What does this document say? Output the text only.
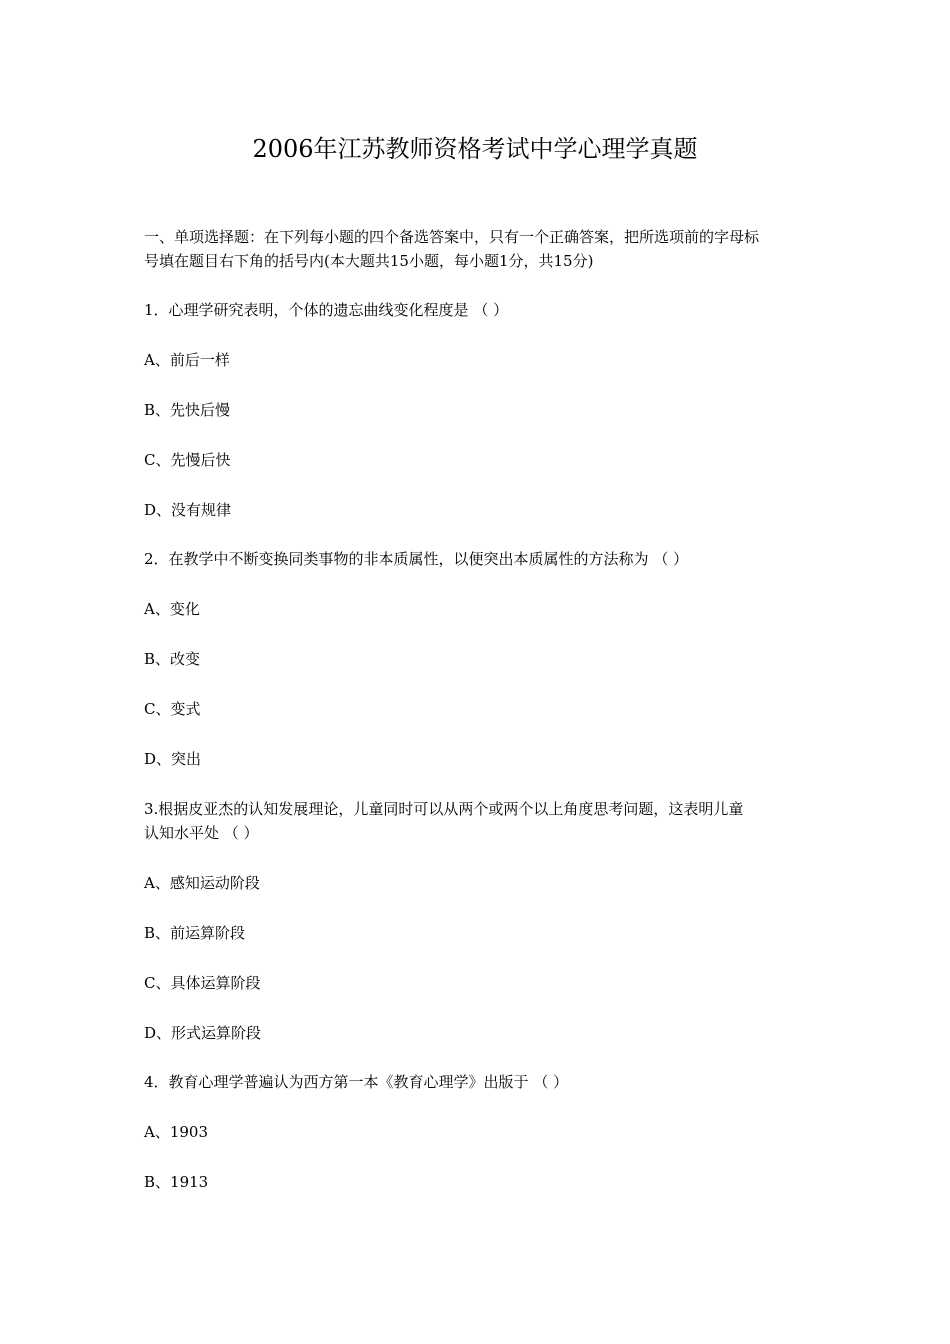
2006年江苏教师资格考试中学心理学真题
一、单项选择题：在下列每小题的四个备选答案中，只有一个正确答案，把所选项前的字母标
号填在题目右下角的括号内(本大题共15小题，每小题1分，共15分)
1．心理学研究表明，个体的遗忘曲线变化程度是 （ ）
A、前后一样
B、先快后慢
C、先慢后快
D、没有规律
2．在教学中不断变换同类事物的非本质属性，以便突出本质属性的方法称为 （ ）
A、变化
B、改变
C、变式
D、突出
3.根据皮亚杰的认知发展理论，儿童同时可以从两个或两个以上角度思考问题，这表明儿童
认知水平处 （ ）
A、感知运动阶段
B、前运算阶段
C、具体运算阶段
D、形式运算阶段
4．教育心理学普遍认为西方第一本《教育心理学》出版于 （ ）
A、1903
B、1913
